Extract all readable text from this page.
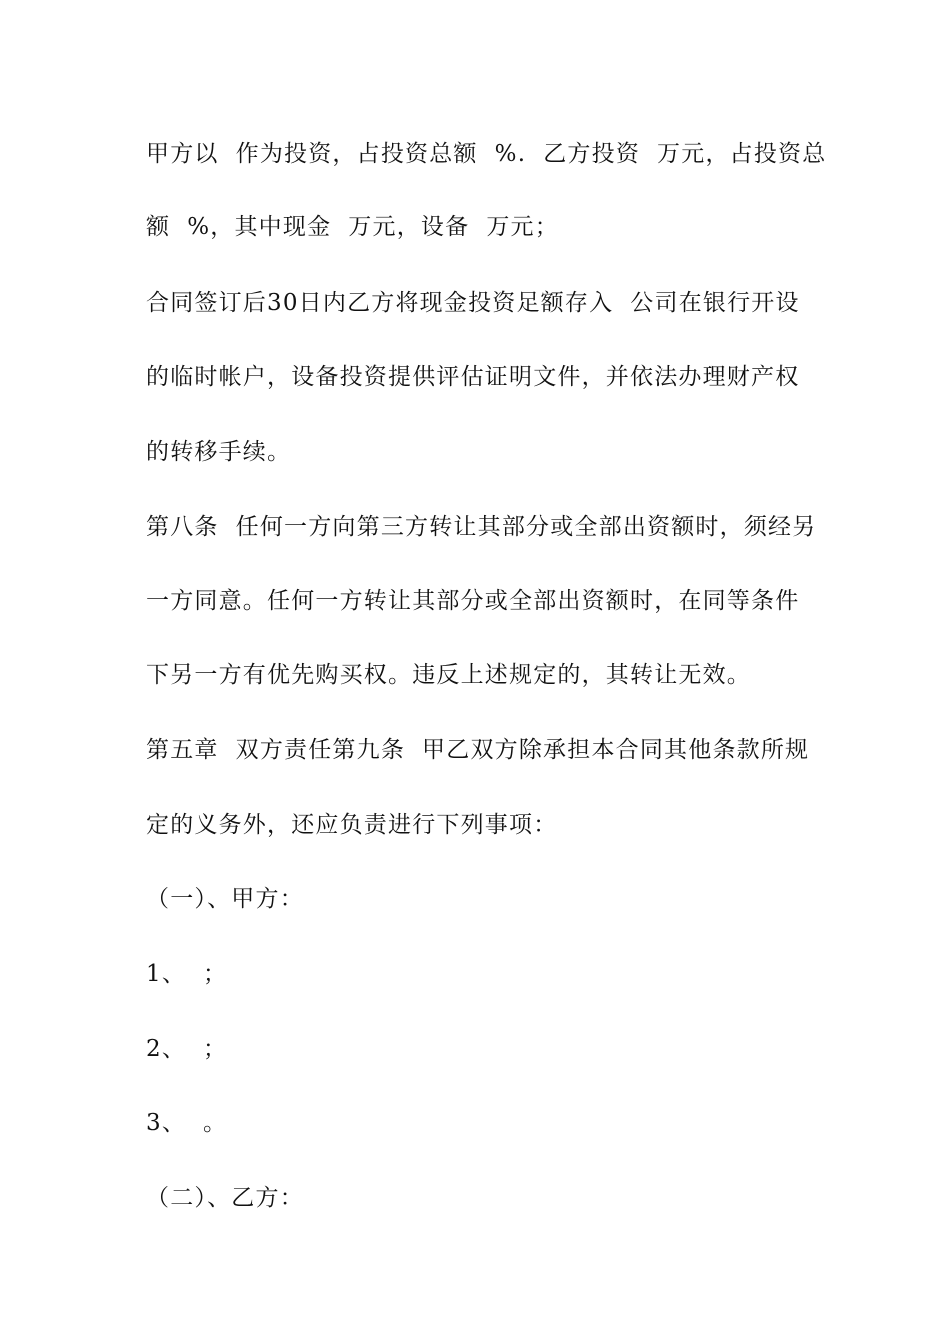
甲方以  作为投资，占投资总额  %.  乙方投资  万元，占投资总
额  %，其中现金  万元，设备  万元；
合同签订后30日内乙方将现金投资足额存入  公司在银行开设
的临时帐户，设备投资提供评估证明文件，并依法办理财产权
的转移手续。
第八条  任何一方向第三方转让其部分或全部出资额时，须经另
一方同意。任何一方转让其部分或全部出资额时，在同等条件
下另一方有优先购买权。违反上述规定的，其转让无效。
第五章  双方责任第九条  甲乙双方除承担本合同其他条款所规
定的义务外，还应负责进行下列事项：
（一）、甲方：
1、  ；
2、  ；
3、  。
（二）、乙方：
